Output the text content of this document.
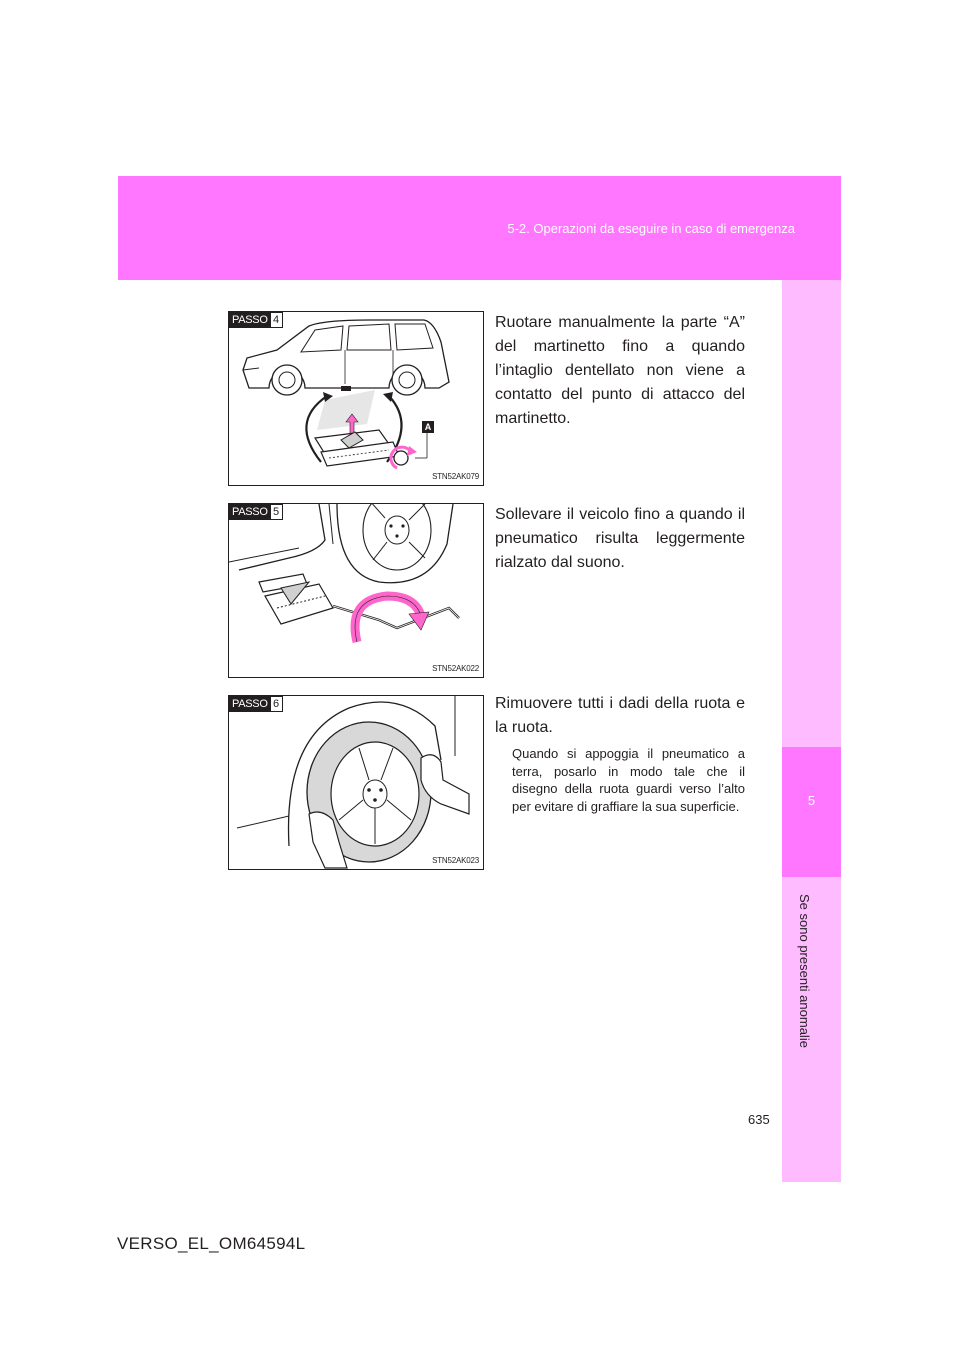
5-2. Operazioni da eseguire in caso di emergenza
5
Se sono presenti anomalie
PASSO 4
A
STN52AK079
Ruotare manualmente la parte “A” del martinetto fino a quando l’intaglio dentellato non viene a contatto del punto di attacco del martinetto.
PASSO 5
STN52AK022
Sollevare il veicolo fino a quando il pneumatico risulta leggermente rialzato dal suono.
PASSO 6
STN52AK023
Rimuovere tutti i dadi della ruota e la ruota.
Quando si appoggia il pneumatico a terra, posarlo in modo tale che il disegno della ruota guardi verso l’alto per evitare di graffiare la sua superficie.
635
VERSO_EL_OM64594L
